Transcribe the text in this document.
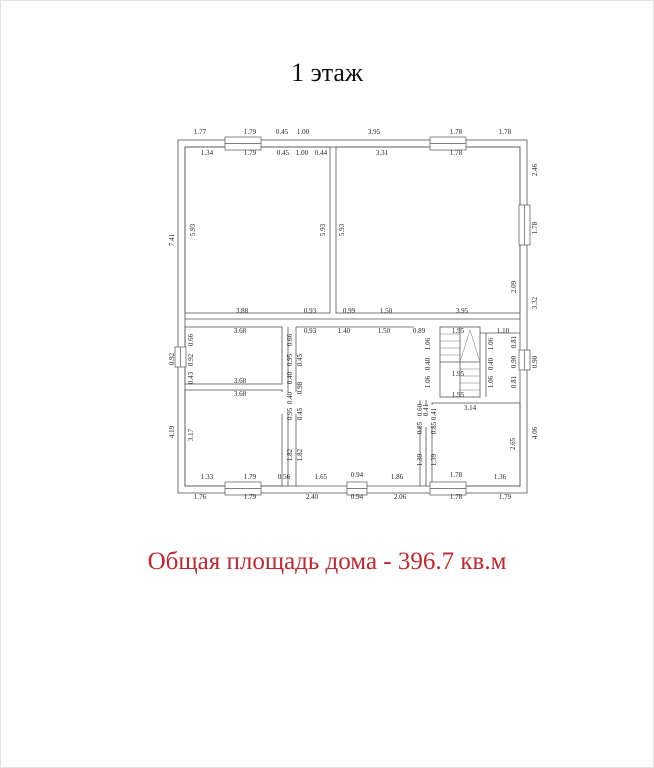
1 этаж
1.77	1.79	0.45 1.00	3.95	1.78	1.78
1.34	1.79	0.45 1.00 0.44	3.31	1.78
7.41
0.92
4.19
2.46
1.78
2.09
3.32
0.90
4.06
5.93	5.93
3.88	0.93
5.93
0.99	1.50	3.95
0.93	1.40	1.50	0.89
3.68
0.66
0.92
0.43
0.66
3.68	0.40
0.95 0.45
3.68
3.17
0.98
0.40
0.95 0.45
1.82
1.33	1.79	0.56
1.82
1.65	0.94	1.86
1.95
1.06	1.06
0.40	0.40
1.95
1.06	1.06
1.95
1.10
0.81
0.90
0.81
3.14
0.60
0.85
0.41
0.85
0.41
2.65
1.39 1.39
1.78	1.36
1.76	1.79	2.40	0.94	2.06	1.78	1.79
Общая площадь дома - 396.7 кв.м
